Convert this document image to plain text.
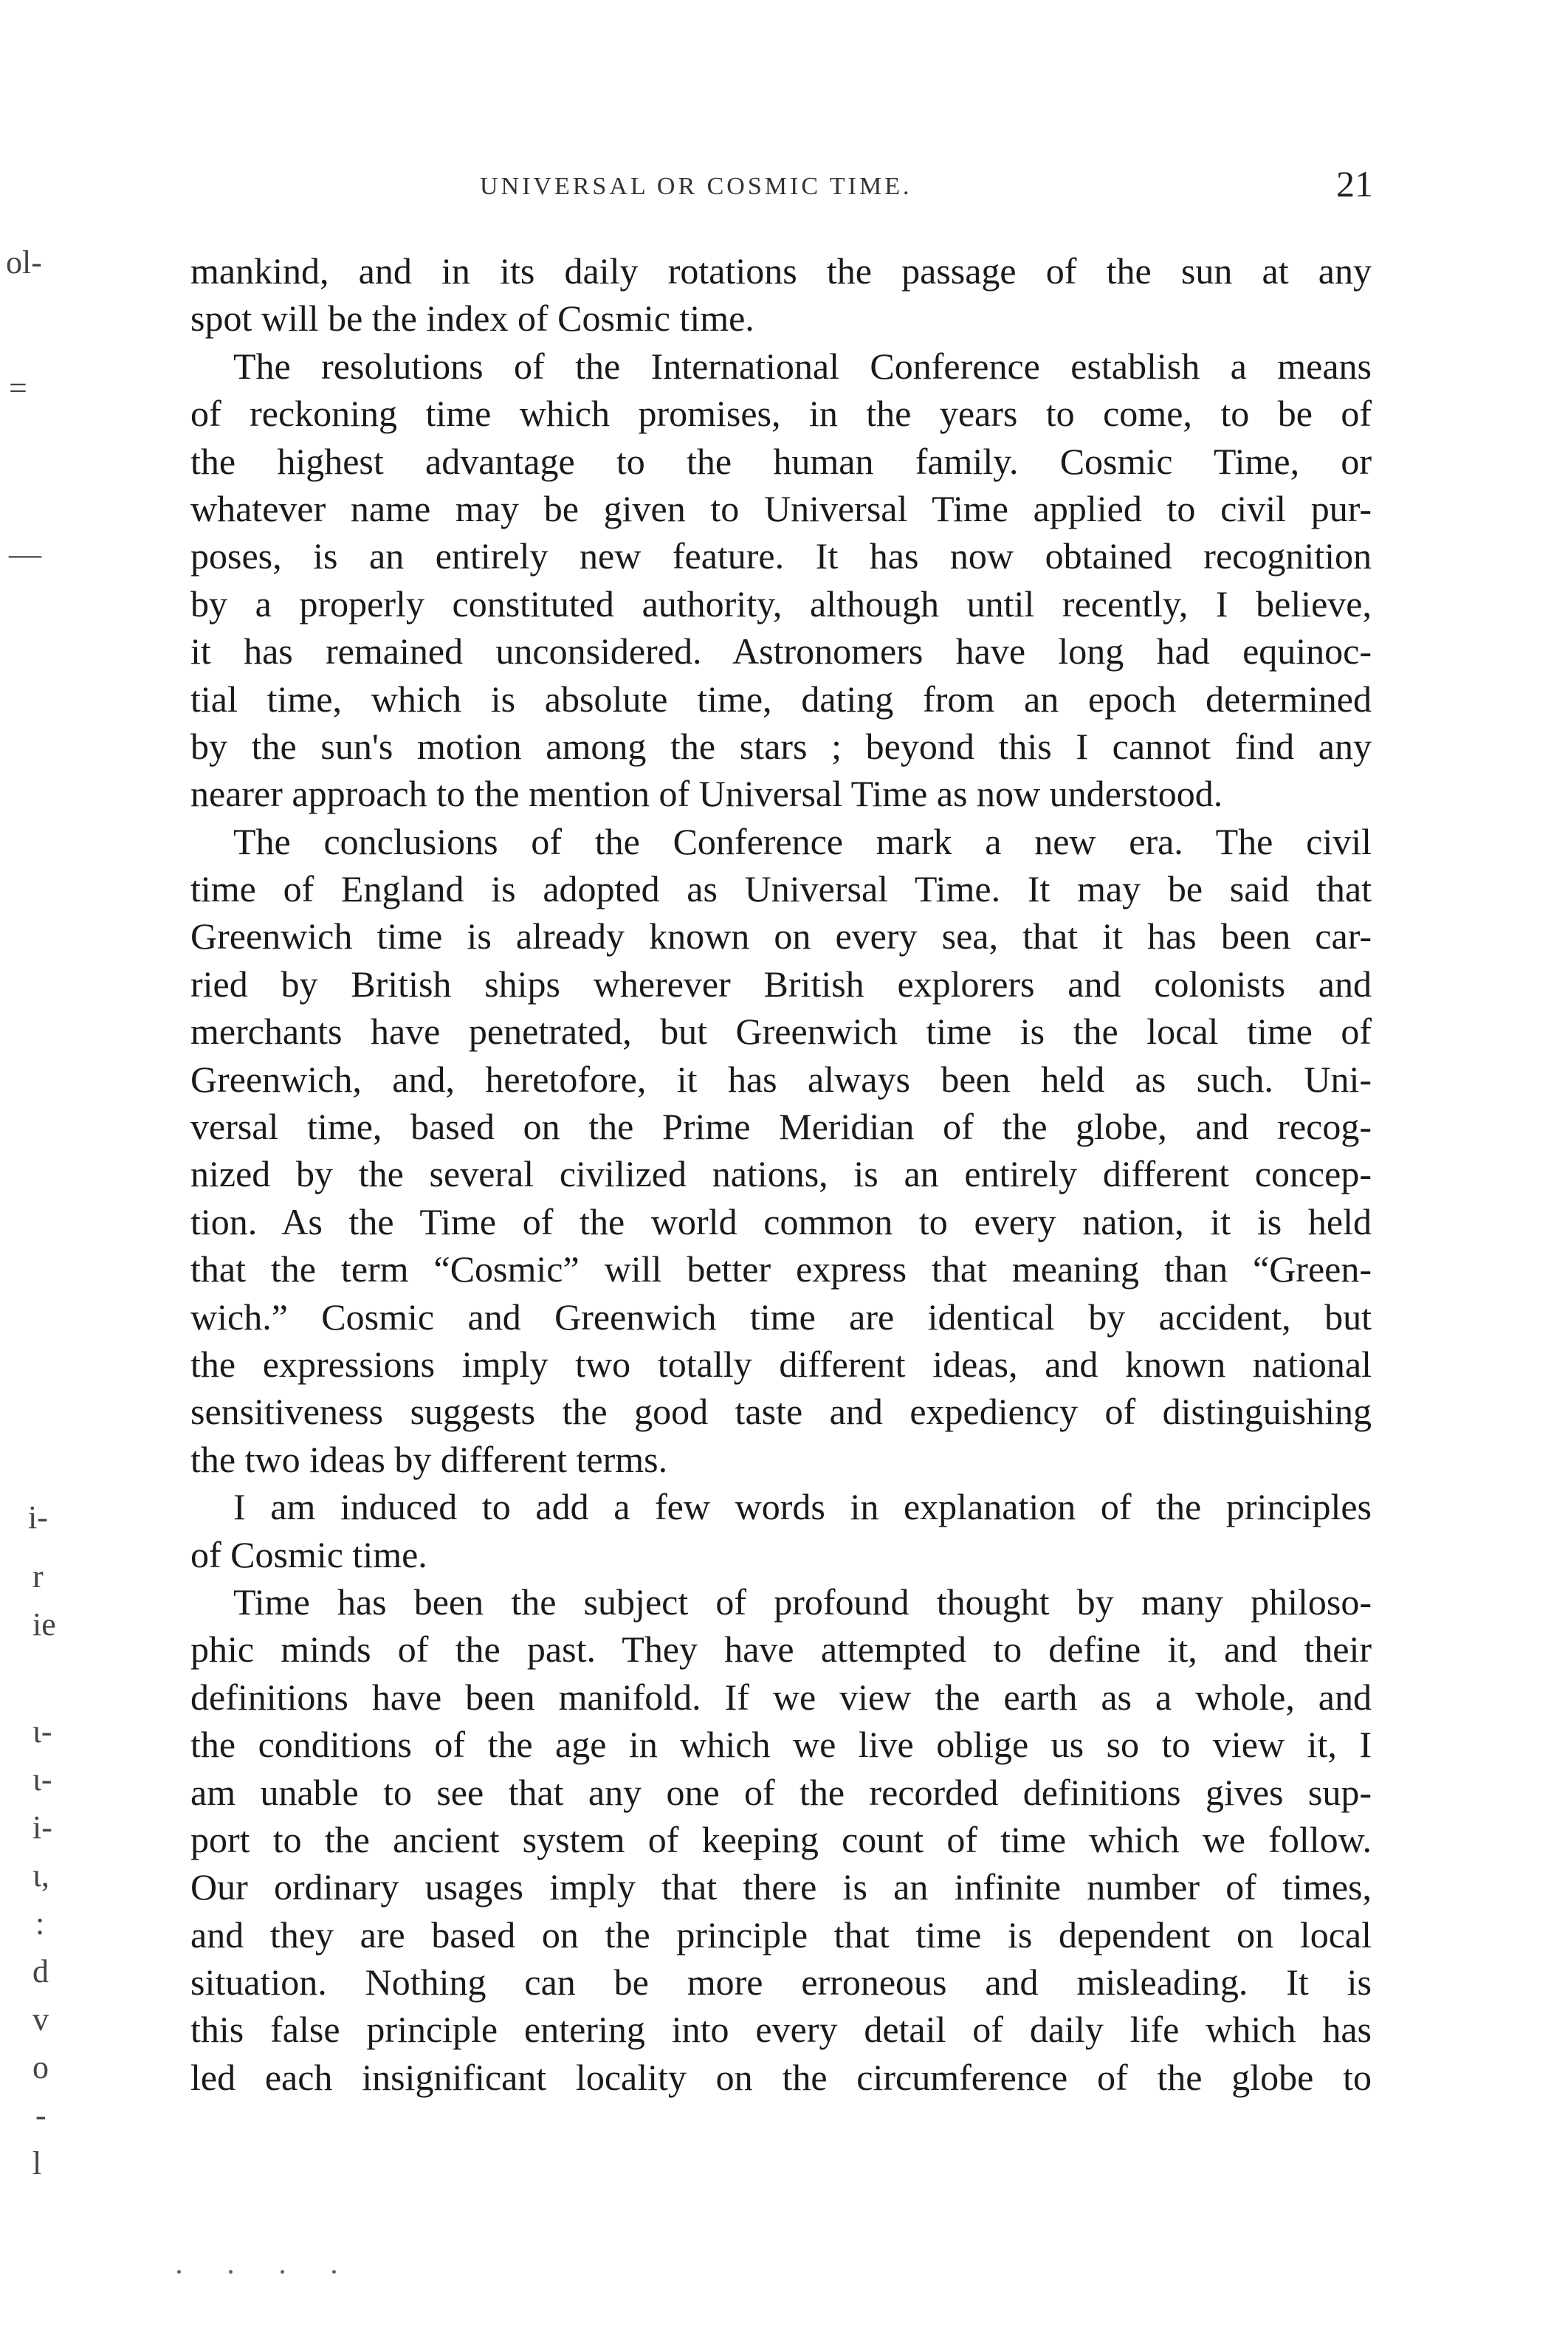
ol-
=
—
i-
r
ie
ι-
ι-
i-
ι,
:
d
v
o
-
l
UNIVERSAL OR COSMIC TIME.	21
mankind, and in its daily rotations the passage of the sun at any
spot will be the index of Cosmic time.
The resolutions of the International Conference establish a means
of reckoning time which promises, in the years to come, to be of
the highest advantage to the human family. Cosmic Time, or
whatever name may be given to Universal Time applied to civil pur-
poses, is an entirely new feature. It has now obtained recognition
by a properly constituted authority, although until recently, I believe,
it has remained unconsidered. Astronomers have long had equinoc-
tial time, which is absolute time, dating from an epoch determined
by the sun's motion among the stars ; beyond this I cannot find any
nearer approach to the mention of Universal Time as now understood.
The conclusions of the Conference mark a new era. The civil
time of England is adopted as Universal Time. It may be said that
Greenwich time is already known on every sea, that it has been car-
ried by British ships wherever British explorers and colonists and
merchants have penetrated, but Greenwich time is the local time of
Greenwich, and, heretofore, it has always been held as such. Uni-
versal time, based on the Prime Meridian of the globe, and recog-
nized by the several civilized nations, is an entirely different concep-
tion. As the Time of the world common to every nation, it is held
that the term “Cosmic” will better express that meaning than “Green-
wich.” Cosmic and Greenwich time are identical by accident, but
the expressions imply two totally different ideas, and known national
sensitiveness suggests the good taste and expediency of distinguishing
the two ideas by different terms.
I am induced to add a few words in explanation of the principles
of Cosmic time.
Time has been the subject of profound thought by many philoso-
phic minds of the past. They have attempted to define it, and their
definitions have been manifold. If we view the earth as a whole, and
the conditions of the age in which we live oblige us so to view it, I
am unable to see that any one of the recorded definitions gives sup-
port to the ancient system of keeping count of time which we follow.
Our ordinary usages imply that there is an infinite number of times,
and they are based on the principle that time is dependent on local
situation. Nothing can be more erroneous and misleading. It is
this false principle entering into every detail of daily life which has
led each insignificant locality on the circumference of the globe to
